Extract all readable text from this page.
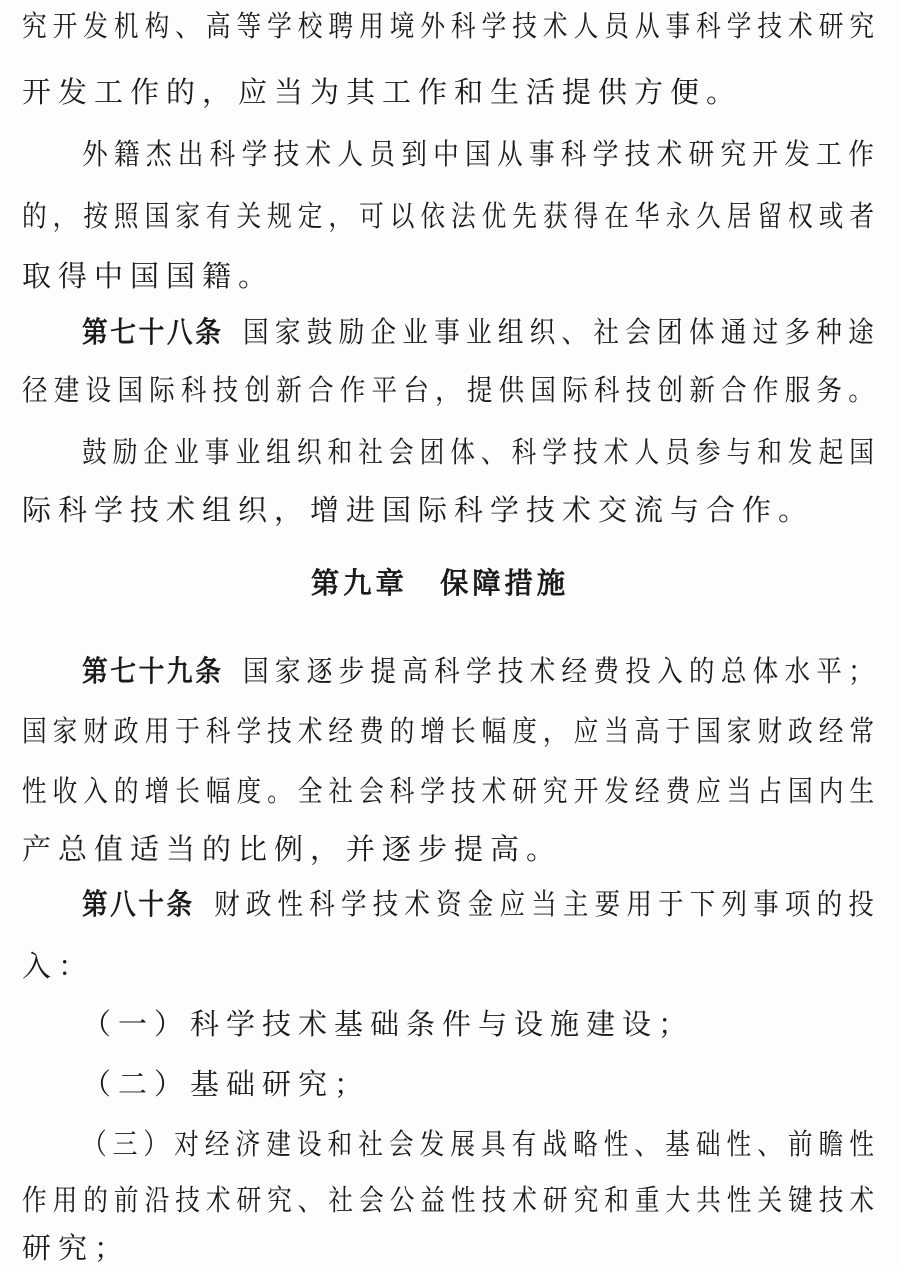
究开发机构、高等学校聘用境外科学技术人员从事科学技术研究
开发工作的，应当为其工作和生活提供方便。
外籍杰出科学技术人员到中国从事科学技术研究开发工作
的，按照国家有关规定，可以依法优先获得在华永久居留权或者
取得中国国籍。
第七十八条 国家鼓励企业事业组织、社会团体通过多种途
径建设国际科技创新合作平台，提供国际科技创新合作服务。
鼓励企业事业组织和社会团体、科学技术人员参与和发起国
际科学技术组织，增进国际科学技术交流与合作。
第九章　保障措施
第七十九条 国家逐步提高科学技术经费投入的总体水平；
国家财政用于科学技术经费的增长幅度，应当高于国家财政经常
性收入的增长幅度。全社会科学技术研究开发经费应当占国内生
产总值适当的比例，并逐步提高。
第八十条 财政性科学技术资金应当主要用于下列事项的投
入：
（一）科学技术基础条件与设施建设；
（二）基础研究；
（三）对经济建设和社会发展具有战略性、基础性、前瞻性
作用的前沿技术研究、社会公益性技术研究和重大共性关键技术
研究；
